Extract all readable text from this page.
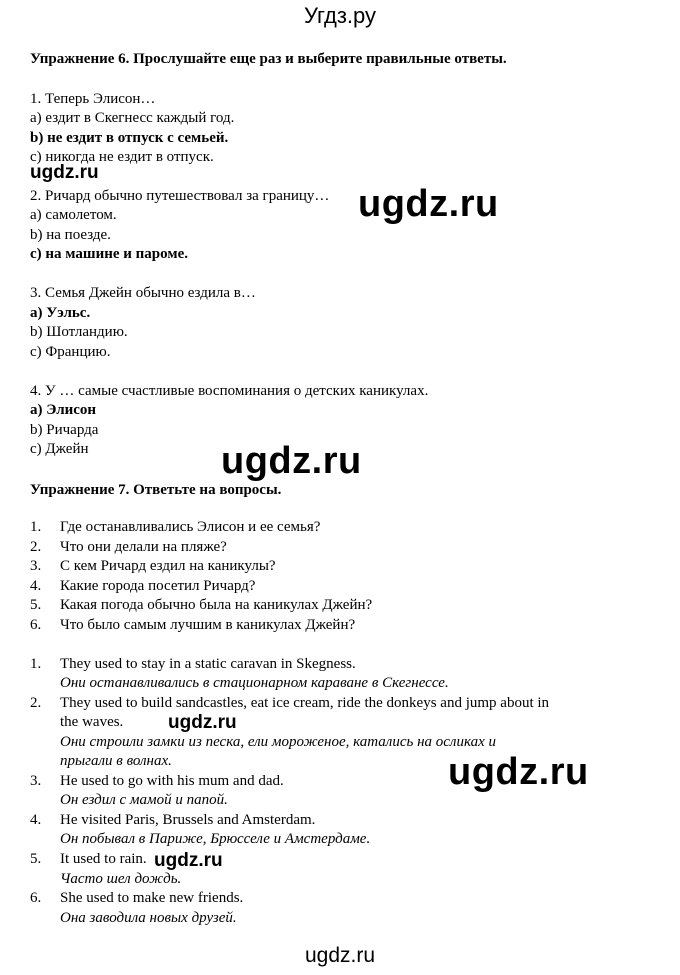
Угдз.ру
Упражнение 6. Прослушайте еще раз и выберите правильные ответы.
1. Теперь Элисон…
a) ездит в Скегнесс каждый год.
b) не ездит в отпуск с семьей.
c) никогда не ездит в отпуск.
ugdz.ru
2. Ричард обычно путешествовал за границу…
a) самолетом.
b) на поезде.
c) на машине и пароме.
ugdz.ru
3. Семья Джейн обычно ездила в…
a) Уэльс.
b) Шотландию.
c) Францию.
4. У … самые счастливые воспоминания о детских каникулах.
a) Элисон
b) Ричарда
c) Джейн	ugdz.ru
Упражнение 7. Ответьте на вопросы.
1. Где останавливались Элисон и ее семья?
2. Что они делали на пляже?
3. С кем Ричард ездил на каникулы?
4. Какие города посетил Ричард?
5. Какая погода обычно была на каникулах Джейн?
6. Что было самым лучшим в каникулах Джейн?
1. They used to stay in a static caravan in Skegness.
Они останавливались в стационарном караване в Скегнессе.
2. They used to build sandcastles, eat ice cream, ride the donkeys and jump about in
the waves.
Они строили замки из песка, ели мороженое, катались на осликах и
прыгали в волнах.
3. He used to go with his mum and dad.
Он ездил с мамой и папой.
4. He visited Paris, Brussels and Amsterdam.
Он побывал в Париже, Брюсселе и Амстердаме.
5. It used to rain.
Часто шел дождь.
6. She used to make new friends.
Она заводила новых друзей.
ugdz.ru
ugdz.ru
ugdz.ru
ugdz.ru
